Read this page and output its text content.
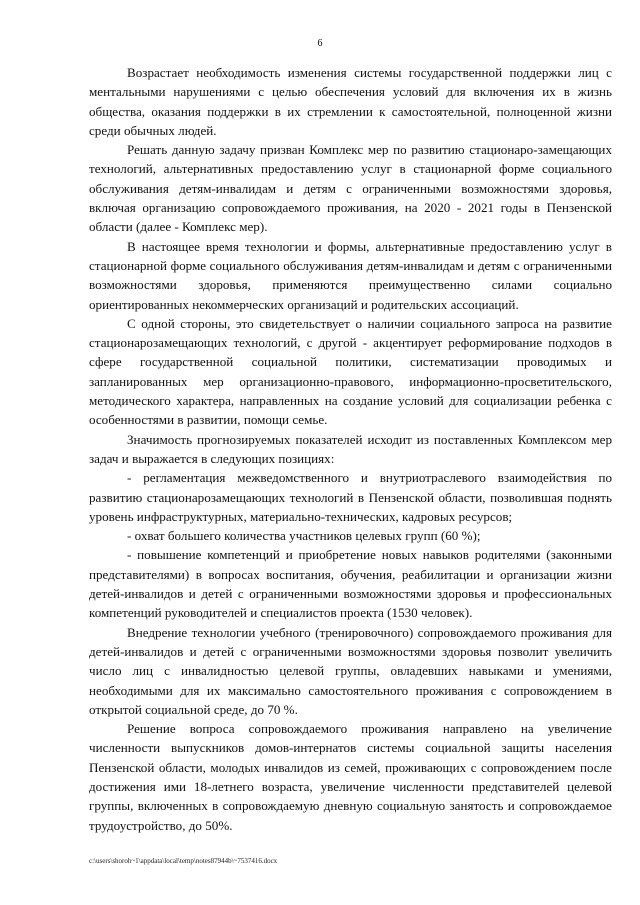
6

Возрастает необходимость изменения системы государственной поддержки лиц с ментальными нарушениями с целью обеспечения условий для включения их в жизнь общества, оказания поддержки в их стремлении к самостоятельной, полноценной жизни среди обычных людей.

Решать данную задачу призван Комплекс мер по развитию стационаро-замещающих технологий, альтернативных предоставлению услуг в стационарной форме социального обслуживания детям-инвалидам и детям с ограниченными возможностями здоровья, включая организацию сопровождаемого проживания, на 2020 - 2021 годы в Пензенской области (далее - Комплекс мер).

В настоящее время технологии и формы, альтернативные предоставлению услуг в стационарной форме социального обслуживания детям-инвалидам и детям с ограниченными возможностями здоровья, применяются преимущественно силами социально ориентированных некоммерческих организаций и родительских ассоциаций.

С одной стороны, это свидетельствует о наличии социального запроса на развитие стационарозамещающих технологий, с другой - акцентирует реформирование подходов в сфере государственной социальной политики, систематизации проводимых и запланированных мер организационно-правового, информационно-просветительского, методического характера, направленных на создание условий для социализации ребенка с особенностями в развитии, помощи семье.

Значимость прогнозируемых показателей исходит из поставленных Комплексом мер задач и выражается в следующих позициях:

- регламентация межведомственного и внутриотраслевого взаимодействия по развитию стационарозамещающих технологий в Пензенской области, позволившая поднять уровень инфраструктурных, материально-технических, кадровых ресурсов;

- охват большего количества участников целевых групп (60 %);

- повышение компетенций и приобретение новых навыков родителями (законными представителями) в вопросах воспитания, обучения, реабилитации и организации жизни детей-инвалидов и детей с ограниченными возможностями здоровья и профессиональных компетенций руководителей и специалистов проекта (1530 человек).

Внедрение технологии учебного (тренировочного) сопровождаемого проживания для детей-инвалидов и детей с ограниченными возможностями здоровья позволит увеличить число лиц с инвалидностью целевой группы, овладевших навыками и умениями, необходимыми для их максимально самостоятельного проживания с сопровождением в открытой социальной среде, до 70 %.

Решение вопроса сопровождаемого проживания направлено на увеличение численности выпускников домов-интернатов системы социальной защиты населения Пензенской области, молодых инвалидов из семей, проживающих с сопровождением после достижения ими 18-летнего возраста, увеличение численности представителей целевой группы, включенных в сопровождаемую дневную социальную занятость и сопровождаемое трудоустройство, до 50%.

c:\users\shoroh~1\appdata\local\temp\notes87944b\~7537416.docx
